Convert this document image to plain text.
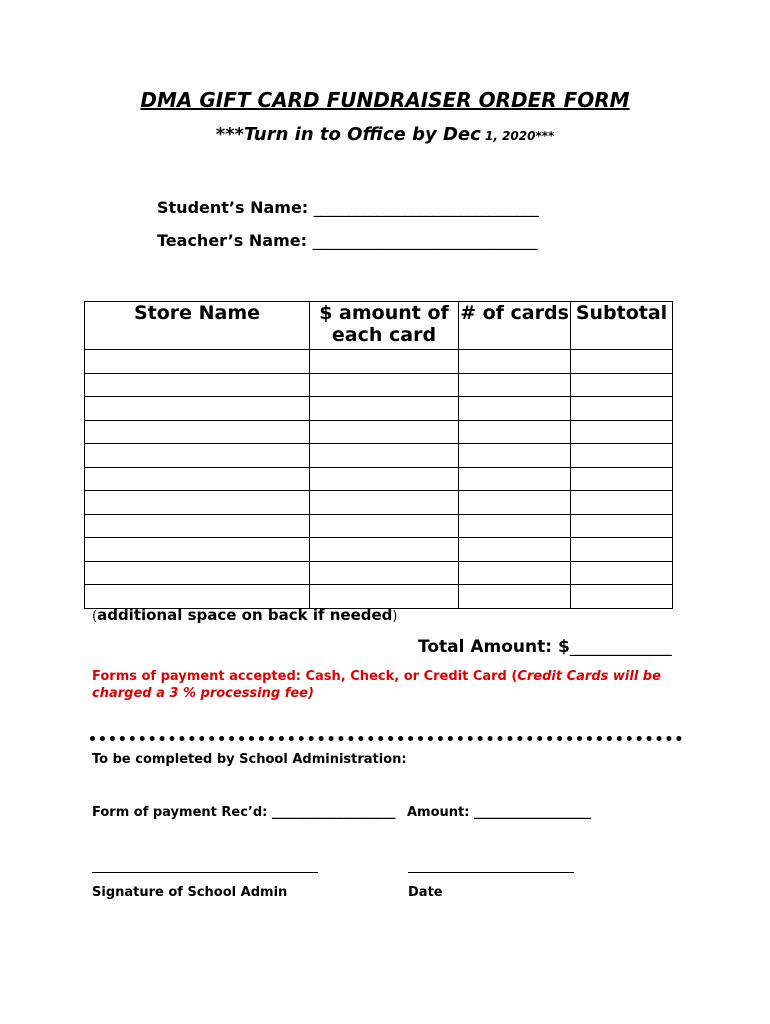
DMA GIFT CARD FUNDRAISER ORDER FORM
***Turn in to Office by Dec 1, 2020***
Student’s Name: ________________________________
Teacher’s Name: ________________________________
Store Name	$ amount of each card	# of cards	Subtotal

(additional space on back if needed)
Total Amount: $____________
Forms of payment accepted: Cash, Check, or Credit Card (Credit Cards will be charged a 3 % processing fee)
To be completed by School Administration:
Form of payment Rec’d: ___________________ Amount: __________________
Signature of School Admin	Date
